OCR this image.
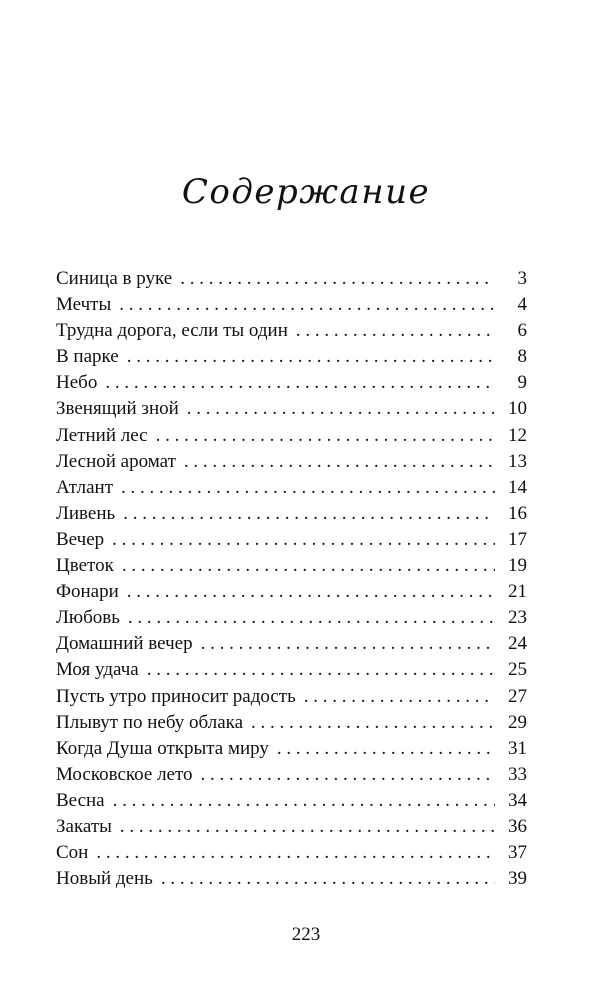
Содержание
Синица в руке . . .	3
Мечты . . .	4
Трудна дорога, если ты один . . .	6
В парке . . .	8
Небо . . .	9
Звенящий зной . . .	10
Летний лес . . .	12
Лесной аромат . . .	13
Атлант . . .	14
Ливень . . .	16
Вечер . . .	17
Цветок . . .	19
Фонари . . .	21
Любовь . . .	23
Домашний вечер . . .	24
Моя удача . . .	25
Пусть утро приносит радость . . .	27
Плывут по небу облака . . .	29
Когда Душа открыта миру . . .	31
Московское лето . . .	33
Весна . . .	34
Закаты . . .	36
Сон . . .	37
Новый день . . .	39
223
